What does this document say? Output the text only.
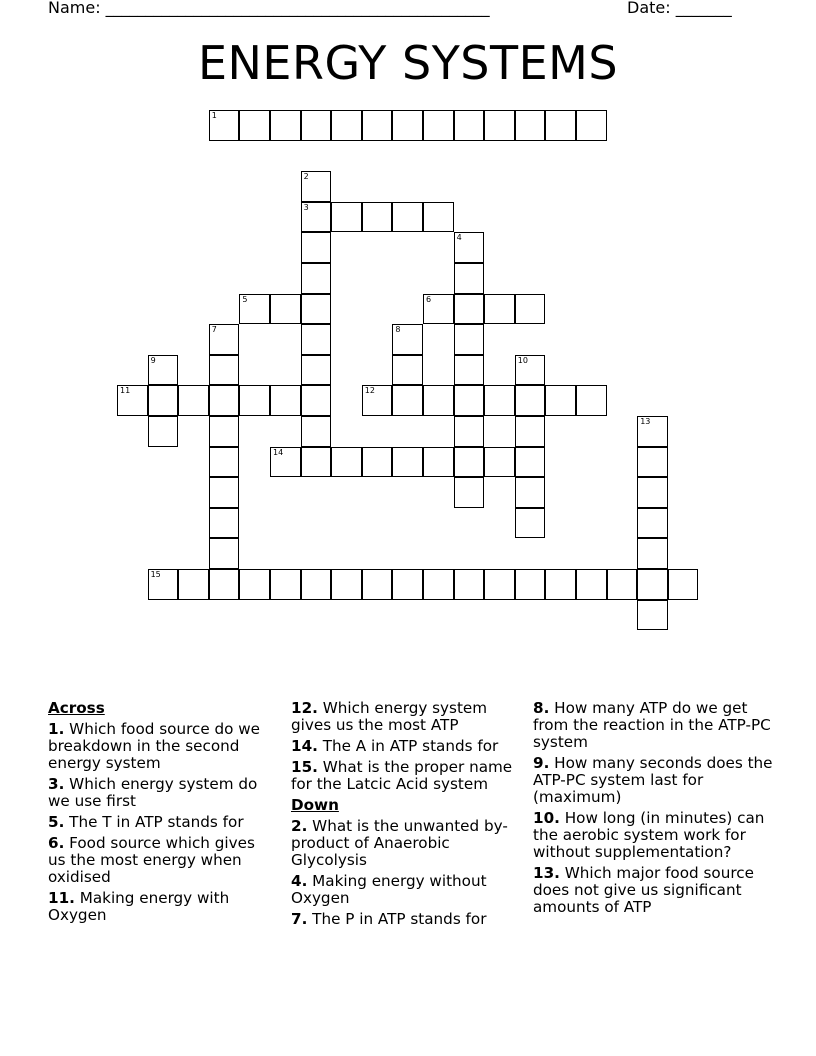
Name: ________________________________________________	Date: _______
ENERGY SYSTEMS
1
2
3
4
5	6
7	8
9	10
11	12
13
14
15
Across
1. Which food source do we breakdown in the second energy system
3. Which energy system do we use first
5. The T in ATP stands for
6. Food source which gives us the most energy when oxidised
11. Making energy with Oxygen
12. Which energy system gives us the most ATP
14. The A in ATP stands for
15. What is the proper name for the Latcic Acid system
Down
2. What is the unwanted by-product of Anaerobic Glycolysis
4. Making energy without Oxygen
7. The P in ATP stands for
8. How many ATP do we get from the reaction in the ATP-PC system
9. How many seconds does the ATP-PC system last for (maximum)
10. How long (in minutes) can the aerobic system work for without supplementation?
13. Which major food source does not give us significant amounts of ATP
